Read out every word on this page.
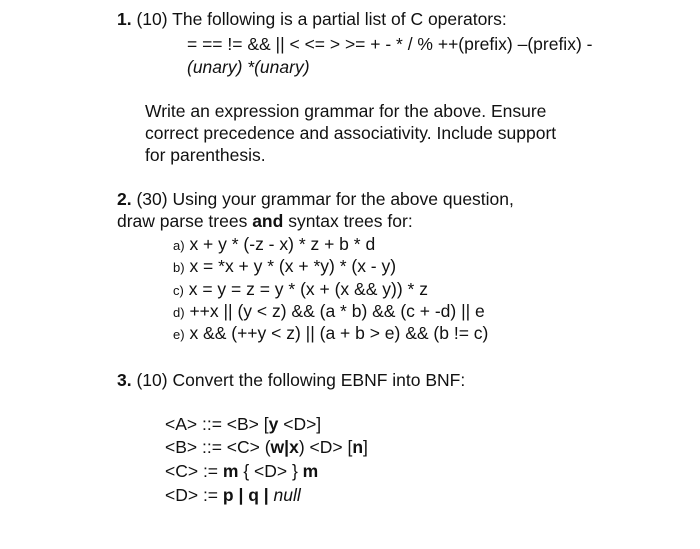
1. (10) The following is a partial list of C operators:
= == != && || < <= > >= + - * / % ++(prefix) –(prefix) -
(unary) *(unary)
Write an expression grammar for the above. Ensure
correct precedence and associativity. Include support
for parenthesis.
2. (30) Using your grammar for the above question,
draw parse trees and syntax trees for:
a) x + y * (-z - x) * z + b * d
b) x = *x + y * (x + *y) * (x - y)
c) x = y = z = y * (x + (x && y)) * z
d) ++x || (y < z) && (a * b) && (c + -d) || e
e) x && (++y < z) || (a + b > e) && (b != c)
3. (10) Convert the following EBNF into BNF:
<A> ::= <B> [y <D>]
<B> ::= <C> (w|x) <D> [n]
<C> := m { <D> } m
<D> := p | q | null
